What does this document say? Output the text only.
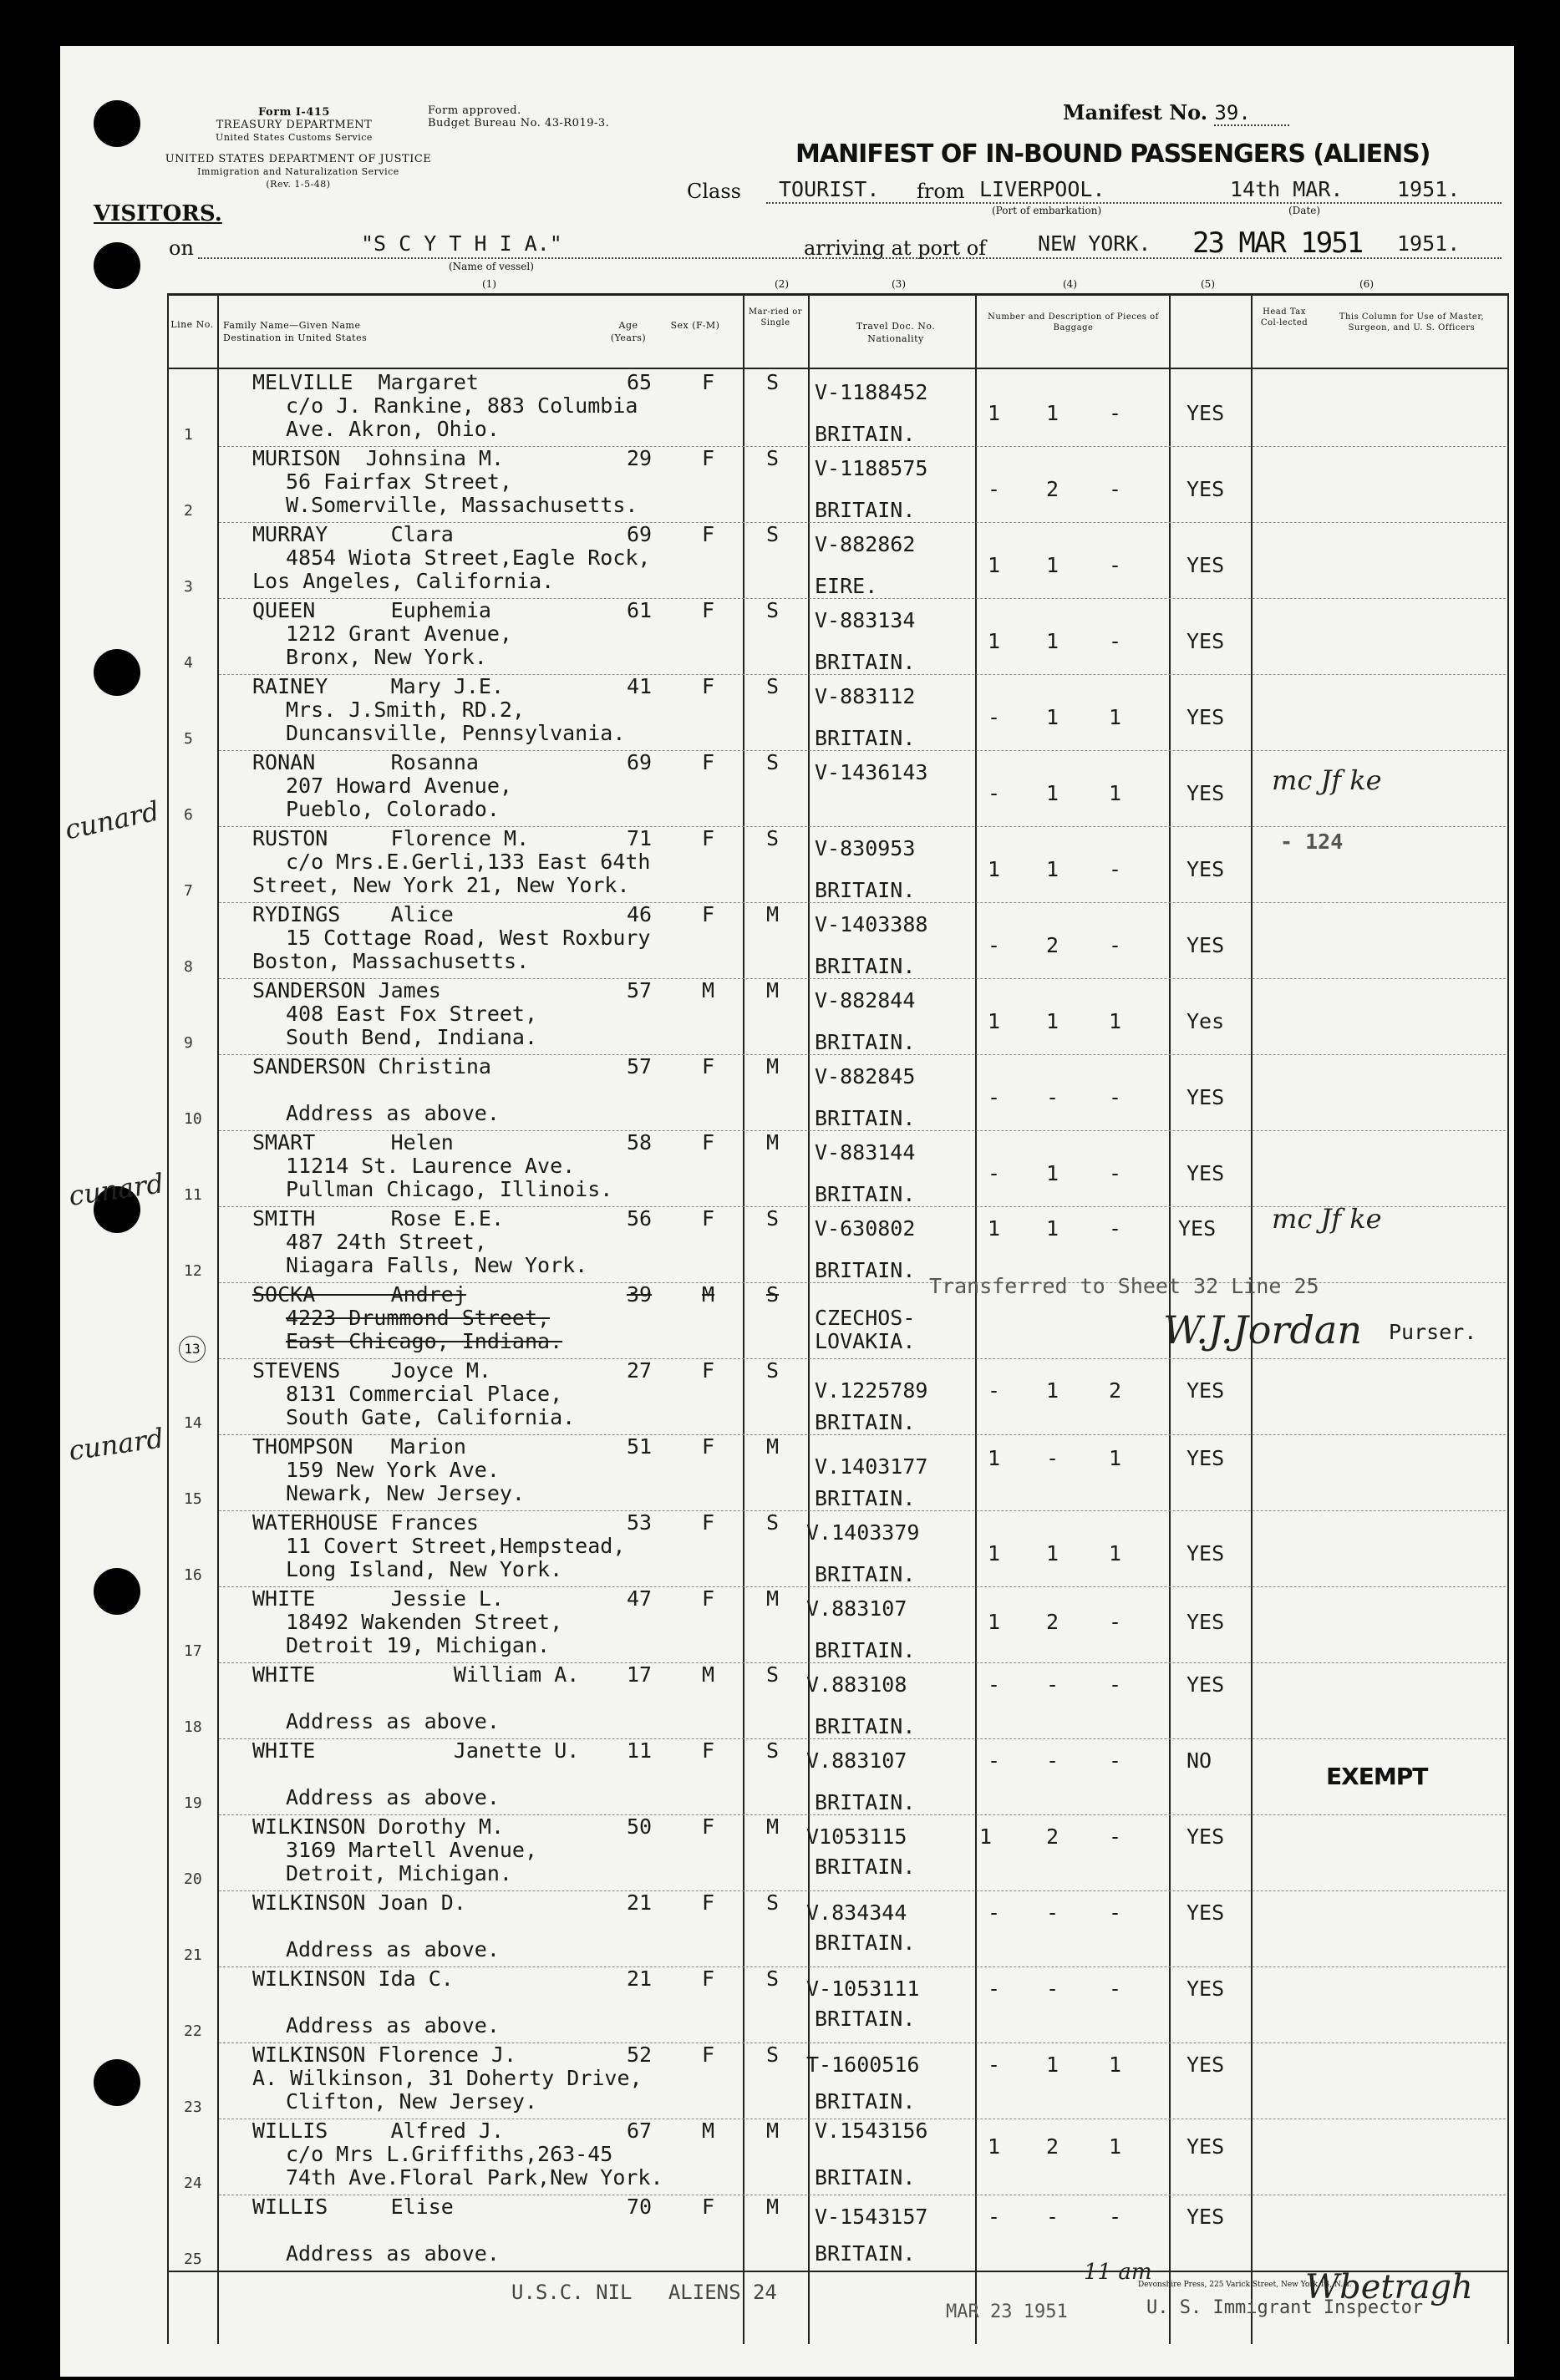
Form I-415
TREASURY DEPARTMENT
United States Customs Service
Form approved.
Budget Bureau No. 43-R019-3.
UNITED STATES DEPARTMENT OF JUSTICE
Immigration and Naturalization Service
(Rev. 1-5-48)
VISITORS.
Manifest No. 39.
MANIFEST OF IN-BOUND PASSENGERS (ALIENS)
Class TOURIST. from LIVERPOOL.
(Port of embarkation)
14th MAR.
(Date)
1951.
on	"S C Y T H I A."
(Name of vessel)
arriving at port of NEW YORK. 23 MAR 1951 1951.
(1)	(2)	(3)	(4)	(5)	(6)
Line No. Family Name—Given Name
Destination in United States
Age (Years)
Sex (F-M)
Mar-ried or Single	Travel Doc. No. Nationality
Number and Description of Pieces of Baggage
Head Tax Col-lected
This Column for Use of Master, Surgeon, and U. S. Officers
MELVILLE  Margaret	65 F S
c/o J. Rankine, 883 Columbia
Ave. Akron, Ohio.
V-1188452
BRITAIN.
1 1 -	YES
1
MURISON  Johnsina M.	29 F S
56 Fairfax Street,
W.Somerville, Massachusetts.
V-1188575
BRITAIN.
- 2 -	YES
2
MURRAY     Clara	69 F S
4854 Wiota Street,Eagle Rock,
Los Angeles, California.
V-882862
EIRE.
1 1 -	YES
3
QUEEN      Euphemia	61 F S
1212 Grant Avenue,
Bronx, New York.
V-883134
BRITAIN.
1 1 -	YES
4
RAINEY     Mary J.E.	41 F S
Mrs. J.Smith, RD.2,
Duncansville, Pennsylvania.
V-883112
BRITAIN.
- 1 1	YES
5
RONAN      Rosanna	69 F S
207 Howard Avenue,
Pueblo, Colorado.
V-1436143
- 1 1	YES
6
RUSTON     Florence M.	71 F S
c/o Mrs.E.Gerli,133 East 64th
Street, New York 21, New York.
V-830953
BRITAIN.
1 1 -	YES
- 124
7
RYDINGS    Alice	46 F M
15 Cottage Road, West Roxbury
Boston, Massachusetts.
V-1403388
BRITAIN.
- 2 -	YES
8
SANDERSON James	57 M M
408 East Fox Street,
South Bend, Indiana.
V-882844
BRITAIN.
1 1 1	Yes
9
SANDERSON Christina	57 F M
Address as above.
V-882845
BRITAIN.
- - -	YES
10
SMART      Helen	58 F M
11214 St. Laurence Ave.
Pullman Chicago, Illinois.
V-883144
BRITAIN.
- 1 -	YES
11
SMITH      Rose E.E.	56 F S
487 24th Street,
Niagara Falls, New York.
V-630802
BRITAIN.
1 1 -	YES
12
SOCKA      Andrej	39 M S
4223 Drummond Street,
East Chicago, Indiana.
CZECHOS-
LOVAKIA.
Transferred to Sheet 32 Line 25
W.J.Jordan Purser.
13
STEVENS    Joyce M.	27 F S
8131 Commercial Place,
South Gate, California.
V.1225789
BRITAIN.
- 1 2	YES
14
THOMPSON   Marion	51 F M
159 New York Ave.
Newark, New Jersey.
V.1403177
BRITAIN.
1 - 1	YES
15
WATERHOUSE Frances	53 F S
11 Covert Street,Hempstead,
Long Island, New York.
V.1403379
BRITAIN.
1 1 1	YES
16
WHITE      Jessie L.	47 F M
18492 Wakenden Street,
Detroit 19, Michigan.
V.883107
BRITAIN.
1 2 -	YES
17
WHITE           William A. 17 M S
Address as above.
V.883108
BRITAIN.
- - -	YES
18
WHITE           Janette U. 11 F S
Address as above.
V.883107
BRITAIN.
- - -	NO
EXEMPT
19
WILKINSON Dorothy M.	50 F M
3169 Martell Avenue,
Detroit, Michigan.
V1053115
BRITAIN.
1	2 -	YES
20
WILKINSON Joan D.	21 F S
Address as above.
V.834344
BRITAIN.
- - -	YES
21
WILKINSON Ida C.	21 F S
Address as above.
V-1053111
BRITAIN.
- - -	YES
22
WILKINSON Florence J.	52 F S
A. Wilkinson, 31 Doherty Drive,
Clifton, New Jersey.
T-1600516
BRITAIN.
- 1 1	YES
23
WILLIS     Alfred J.	67 M M
c/o Mrs L.Griffiths,263-45
74th Ave.Floral Park,New York.
V.1543156
BRITAIN.
1 2 1	YES
24
WILLIS     Elise	70 F M
Address as above.
V-1543157
BRITAIN.
- - -	YES
25
cunard
cunard
cunard
mc Jf ke
mc Jf ke
U.S.C. NIL   ALIENS 24
MAR 23 1951
11 am
Devonshire Press, 225 Varick Street, New York 14, N. Y.
U. S. Immigrant Inspector
Wbetragh
